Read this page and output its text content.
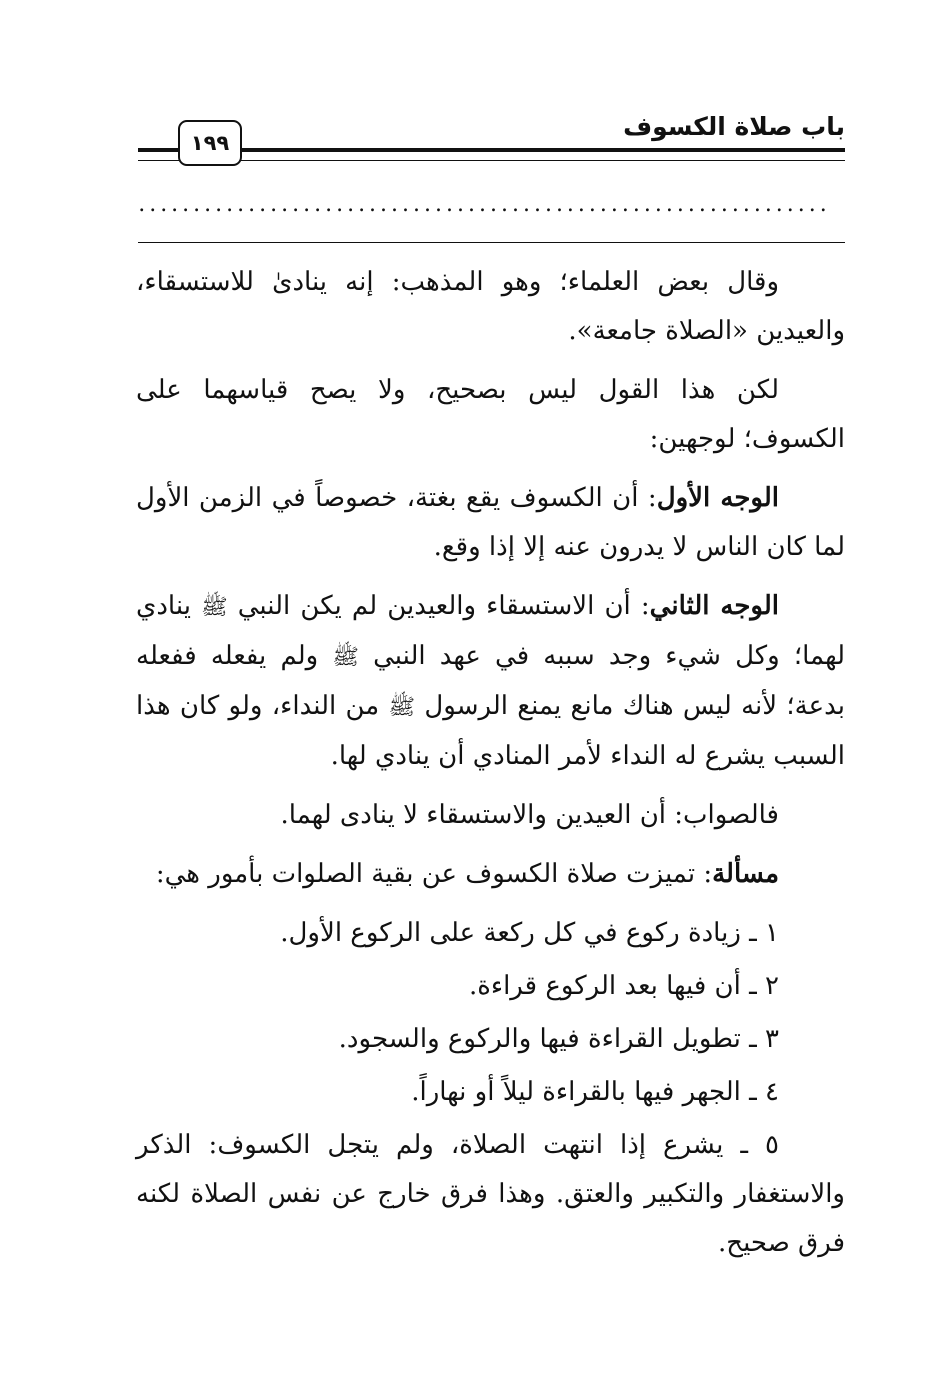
باب صلاة الكسوف
١٩٩
...............................................................

وقال بعض العلماء؛ وهو المذهب: إنه ينادىٰ للاستسقاء، والعيدين «الصلاة جامعة».

لكن هذا القول ليس بصحيح، ولا يصح قياسهما على الكسوف؛ لوجهين:

الوجه الأول: أن الكسوف يقع بغتة، خصوصاً في الزمن الأول لما كان الناس لا يدرون عنه إلا إذا وقع.

الوجه الثاني: أن الاستسقاء والعيدين لم يكن النبي ﷺ ينادي لهما؛ وكل شيء وجد سببه في عهد النبي ﷺ ولم يفعله ففعله بدعة؛ لأنه ليس هناك مانع يمنع الرسول ﷺ من النداء، ولو كان هذا السبب يشرع له النداء لأمر المنادي أن ينادي لها.

فالصواب: أن العيدين والاستسقاء لا ينادى لهما.

مسألة: تميزت صلاة الكسوف عن بقية الصلوات بأمور هي:

١ ـ زيادة ركوع في كل ركعة على الركوع الأول.

٢ ـ أن فيها بعد الركوع قراءة.

٣ ـ تطويل القراءة فيها والركوع والسجود.

٤ ـ الجهر فيها بالقراءة ليلاً أو نهاراً.

٥ ـ يشرع إذا انتهت الصلاة، ولم يتجل الكسوف: الذكر والاستغفار والتكبير والعتق. وهذا فرق خارج عن نفس الصلاة لكنه فرق صحيح.
